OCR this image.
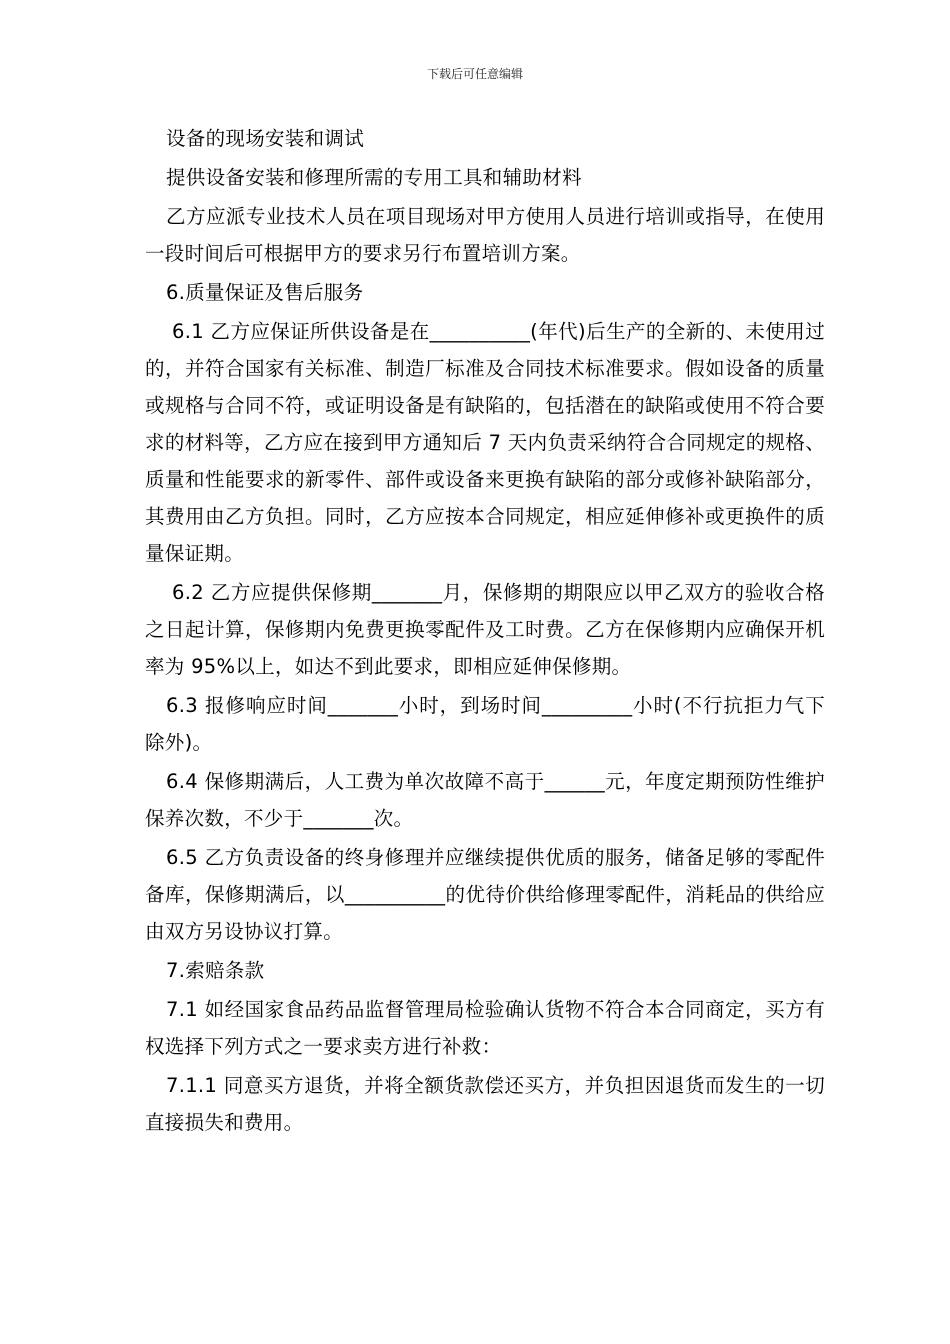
下载后可任意编辑

设备的现场安装和调试

提供设备安装和修理所需的专用工具和辅助材料

乙方应派专业技术人员在项目现场对甲方使用人员进行培训或指导，在使用一段时间后可根据甲方的要求另行布置培训方案。

6.质量保证及售后服务

6.1 乙方应保证所供设备是在__________(年代)后生产的全新的、未使用过的，并符合国家有关标准、制造厂标准及合同技术标准要求。假如设备的质量或规格与合同不符，或证明设备是有缺陷的，包括潜在的缺陷或使用不符合要求的材料等，乙方应在接到甲方通知后 7 天内负责采纳符合合同规定的规格、质量和性能要求的新零件、部件或设备来更换有缺陷的部分或修补缺陷部分，其费用由乙方负担。同时，乙方应按本合同规定，相应延伸修补或更换件的质量保证期。

6.2 乙方应提供保修期_______月，保修期的期限应以甲乙双方的验收合格之日起计算，保修期内免费更换零配件及工时费。乙方在保修期内应确保开机率为 95%以上，如达不到此要求，即相应延伸保修期。

6.3 报修响应时间_______小时，到场时间_________小时(不行抗拒力气下除外)。

6.4 保修期满后，人工费为单次故障不高于______元，年度定期预防性维护保养次数，不少于_______次。

6.5 乙方负责设备的终身修理并应继续提供优质的服务，储备足够的零配件备库，保修期满后，以__________的优待价供给修理零配件，消耗品的供给应由双方另设协议打算。

7.索赔条款

7.1 如经国家食品药品监督管理局检验确认货物不符合本合同商定，买方有权选择下列方式之一要求卖方进行补救：

7.1.1 同意买方退货，并将全额货款偿还买方，并负担因退货而发生的一切直接损失和费用。
